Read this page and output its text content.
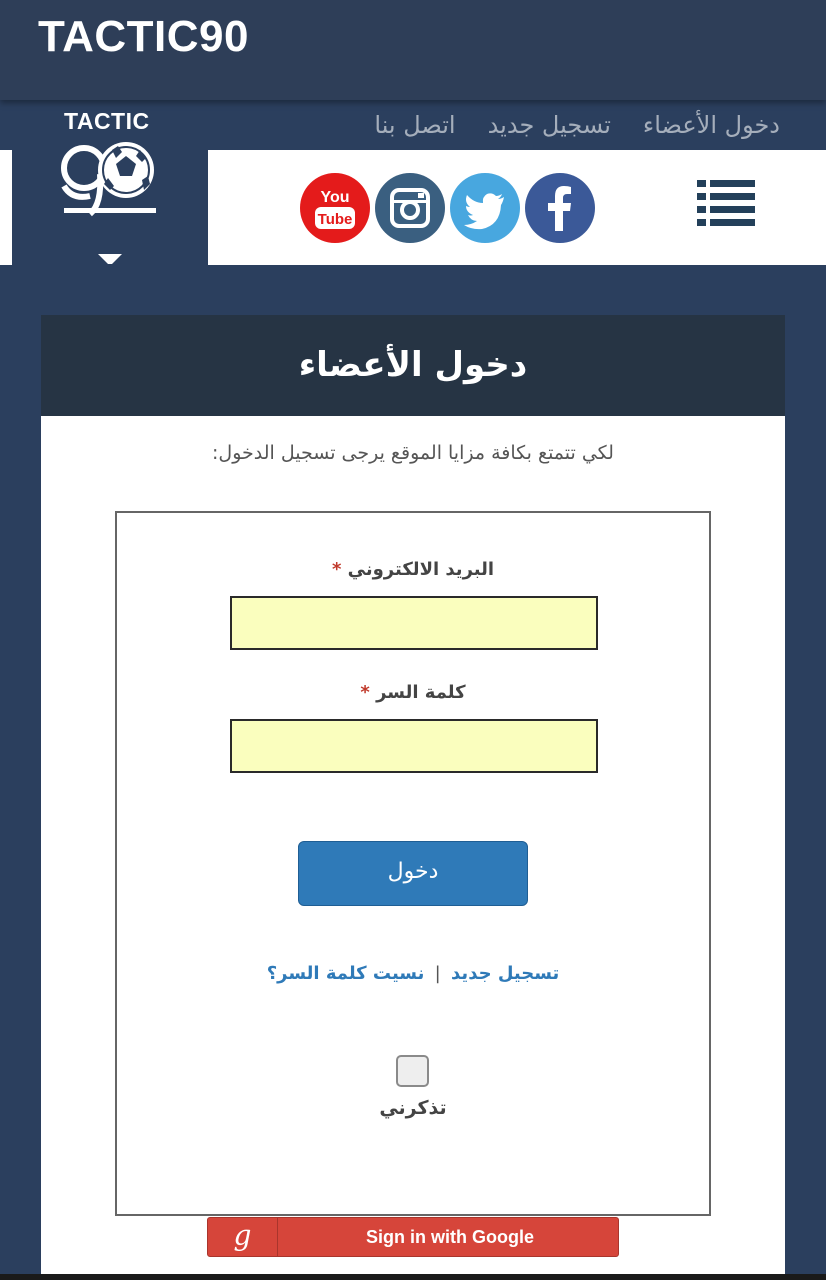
TACTIC90
دخول الأعضاء
تسجيل جديد
اتصل بنا
TACTIC
You
Tube
دخول الأعضاء
لكي تتمتع بكافة مزايا الموقع يرجى تسجيل الدخول:
البريد الالكتروني *
كلمة السر *
دخول
تسجيل جديد | نسيت كلمة السر؟
تذكرني
g	Sign in with Google
